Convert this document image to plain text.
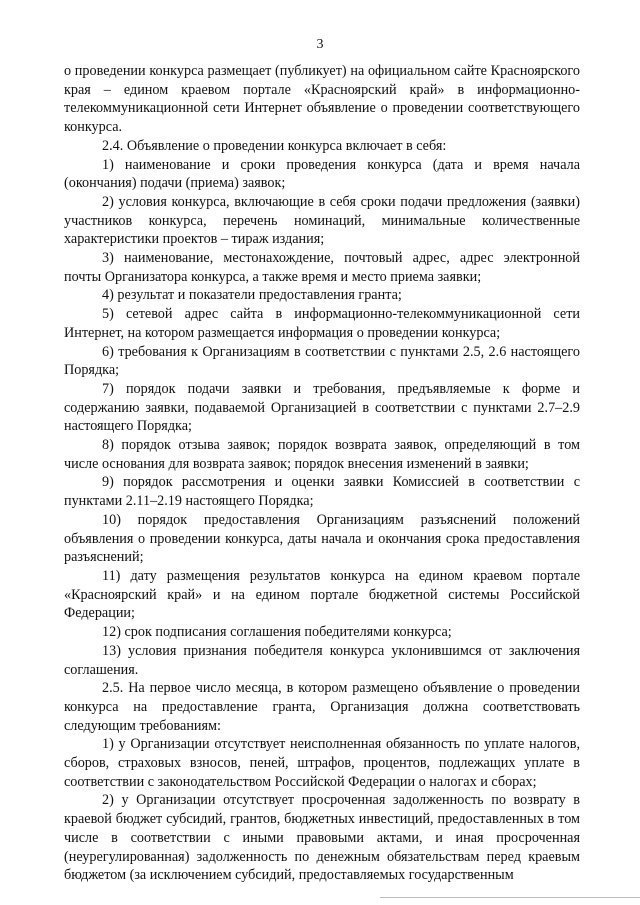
3

о проведении конкурса размещает (публикует) на официальном сайте Красноярского края – едином краевом портале «Красноярский край» в информационно-телекоммуникационной сети Интернет объявление о проведении соответствующего конкурса.

2.4. Объявление о проведении конкурса включает в себя:

1) наименование и сроки проведения конкурса (дата и время начала (окончания) подачи (приема) заявок;

2) условия конкурса, включающие в себя сроки подачи предложения (заявки) участников конкурса, перечень номинаций, минимальные количественные характеристики проектов – тираж издания;

3) наименование, местонахождение, почтовый адрес, адрес электронной почты Организатора конкурса, а также время и место приема заявки;

4) результат и показатели предоставления гранта;

5) сетевой адрес сайта в информационно-телекоммуникационной сети Интернет, на котором размещается информация о проведении конкурса;

6) требования к Организациям в соответствии с пунктами 2.5, 2.6 настоящего Порядка;

7) порядок подачи заявки и требования, предъявляемые к форме и содержанию заявки, подаваемой Организацией в соответствии с пунктами 2.7–2.9 настоящего Порядка;

8) порядок отзыва заявок; порядок возврата заявок, определяющий в том числе основания для возврата заявок; порядок внесения изменений в заявки;

9) порядок рассмотрения и оценки заявки Комиссией в соответствии с пунктами 2.11–2.19 настоящего Порядка;

10) порядок предоставления Организациям разъяснений положений объявления о проведении конкурса, даты начала и окончания срока предоставления разъяснений;

11) дату размещения результатов конкурса на едином краевом портале «Красноярский край» и на едином портале бюджетной системы Российской Федерации;

12) срок подписания соглашения победителями конкурса;

13) условия признания победителя конкурса уклонившимся от заключения соглашения.

2.5. На первое число месяца, в котором размещено объявление о проведении конкурса на предоставление гранта, Организация должна соответствовать следующим требованиям:

1) у Организации отсутствует неисполненная обязанность по уплате налогов, сборов, страховых взносов, пеней, штрафов, процентов, подлежащих уплате в соответствии с законодательством Российской Федерации о налогах и сборах;

2) у Организации отсутствует просроченная задолженность по возврату в краевой бюджет субсидий, грантов, бюджетных инвестиций, предоставленных в том числе в соответствии с иными правовыми актами, и иная просроченная (неурегулированная) задолженность по денежным обязательствам перед краевым бюджетом (за исключением субсидий, предоставляемых государственным
